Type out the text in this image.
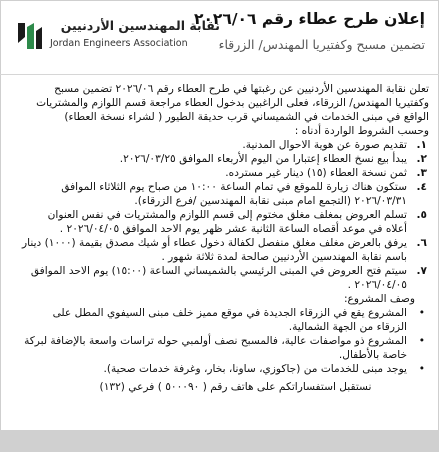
إعلان طرح عطاء رقم ٢٠٢٦/٠٦
تضمين مسبح وكفتيريا المهندس/ الزرقاء
نقابة المهندسين الأردنيين
Jordan Engineers Association

تعلن نقابة المهندسين الأردنيين عن رغبتها في طرح العطاء رقم ٢٠٢٦/٠٦ تضمين مسبح

وكفتيريا المهندس/ الزرقاء، فعلى الراغبين بدخول العطاء مراجعة قسم اللوازم والمشتريات

الواقع في مبنى الخدمات في الشميساني قرب حديقة الطيور ( لشراء نسخة العطاء)

وحسب الشروط الواردة أدناه :

١.

تقديم صورة عن هوية الاحوال المدنية.

٢.

يبدأ بيع نسخ العطاء إعتبارا من اليوم الأربعاء الموافق ٢٠٢٦/٠٣/٢٥.

٣.

ثمن نسخة العطاء (١٥) دينار غير مسترده.

٤.

ستكون هناك زيارة للموقع في تمام الساعة ١٠:٠٠ من صباح يوم الثلاثاء الموافق

٢٠٢٦/٠٣/٣١ (التجمع امام مبنى نقابة المهندسين /فرع الزرقاء).

٥.

تسلم العروض بمغلف مغلق مختوم إلى قسم اللوازم والمشتريات في نفس العنوان

أعلاه في موعد أقصاه الساعة الثانية عشر ظهر يوم الاحد الموافق ٢٠٢٦/٠٤/٠٥ .

٦.

يرفق بالعرض مغلف مغلق منفصل لكفالة دخول عطاء أو شيك مصدق بقيمة (١٠٠٠) دينار

باسم نقابة المهندسين الأردنيين صالحة لمدة ثلاثة شهور .

٧.

سيتم فتح العروض في المبنى الرئيسي بالشميساني الساعة (١٥:٠٠) يوم الاحد الموافق

٢٠٢٦/٠٤/٠٥ .

وصف المشروع:

•

المشروع يقع في الزرقاء الجديدة في موقع مميز خلف مبنى السيفوي المطل على

الزرقاء من الجهة الشمالية.

•

المشروع ذو مواصفات عالية، فالمسبح نصف أولمبي حوله تراسات واسعة بالإضافة لبركة

خاصة بالأطفال.

•

يوجد مبنى للخدمات من (جاكوزي، ساونا، بخار، وغرفة خدمات صحية).

نستقبل استفساراتكم على هاتف رقم ( ٥٠٠٠٩٠ ) فرعي (١٣٢)
